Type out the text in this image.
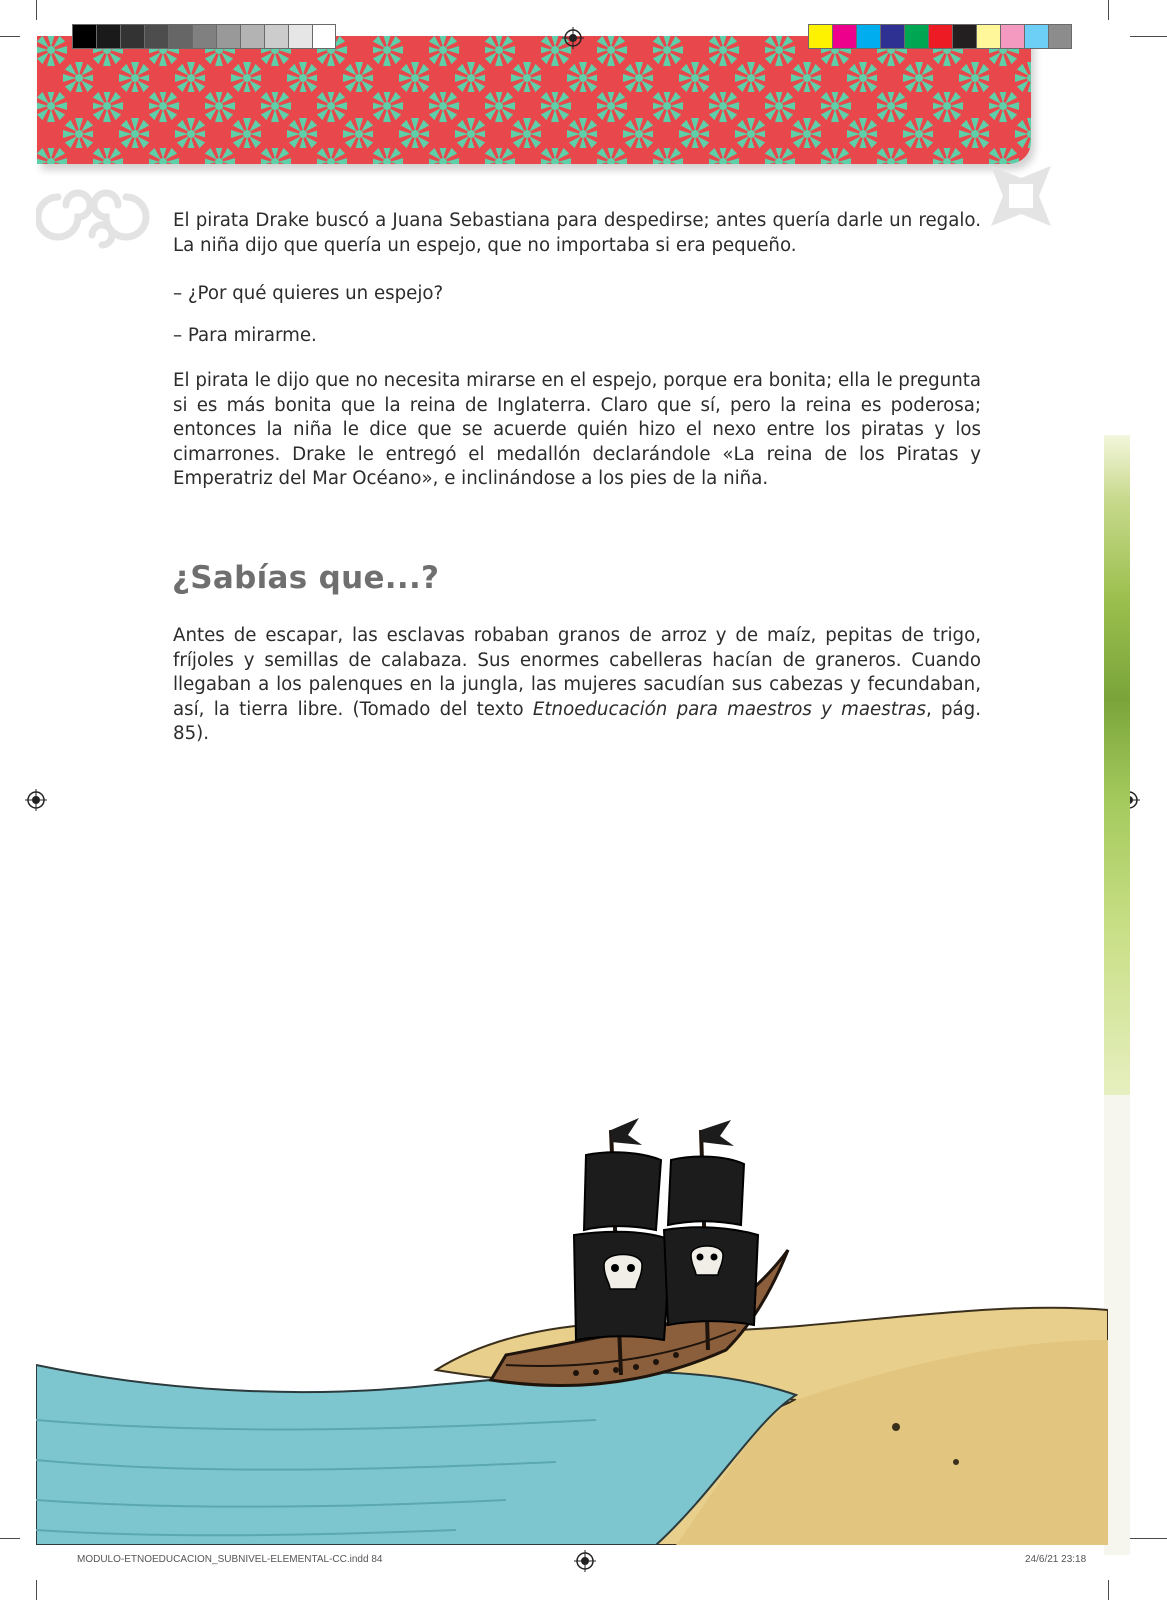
El pirata Drake buscó a Juana Sebastiana para despedirse; antes quería darle un regalo. La niña dijo que quería un espejo, que no importaba si era pequeño.

– ¿Por qué quieres un espejo?
– Para mirarme.

El pirata le dijo que no necesita mirarse en el espejo, porque era bonita; ella le pregunta si es más bonita que la reina de Inglaterra. Claro que sí, pero la reina es poderosa; entonces la niña le dice que se acuerde quién hizo el nexo entre los piratas y los cimarrones. Drake le entregó el medallón declarándole «La reina de los Piratas y Emperatriz del Mar Océano», e inclinándose a los pies de la niña.

¿Sabías que...?

Antes de escapar, las esclavas robaban granos de arroz y de maíz, pepitas de trigo, fríjoles y semillas de calabaza. Sus enormes cabelleras hacían de graneros. Cuando llegaban a los palenques en la jungla, las mujeres sacudían sus cabezas y fecundaban, así, la tierra libre. (Tomado del texto Etnoeducación para maestros y maestras, pág. 85).

MODULO-ETNOEDUCACION_SUBNIVEL-ELEMENTAL-CC.indd 84	24/6/21 23:18
